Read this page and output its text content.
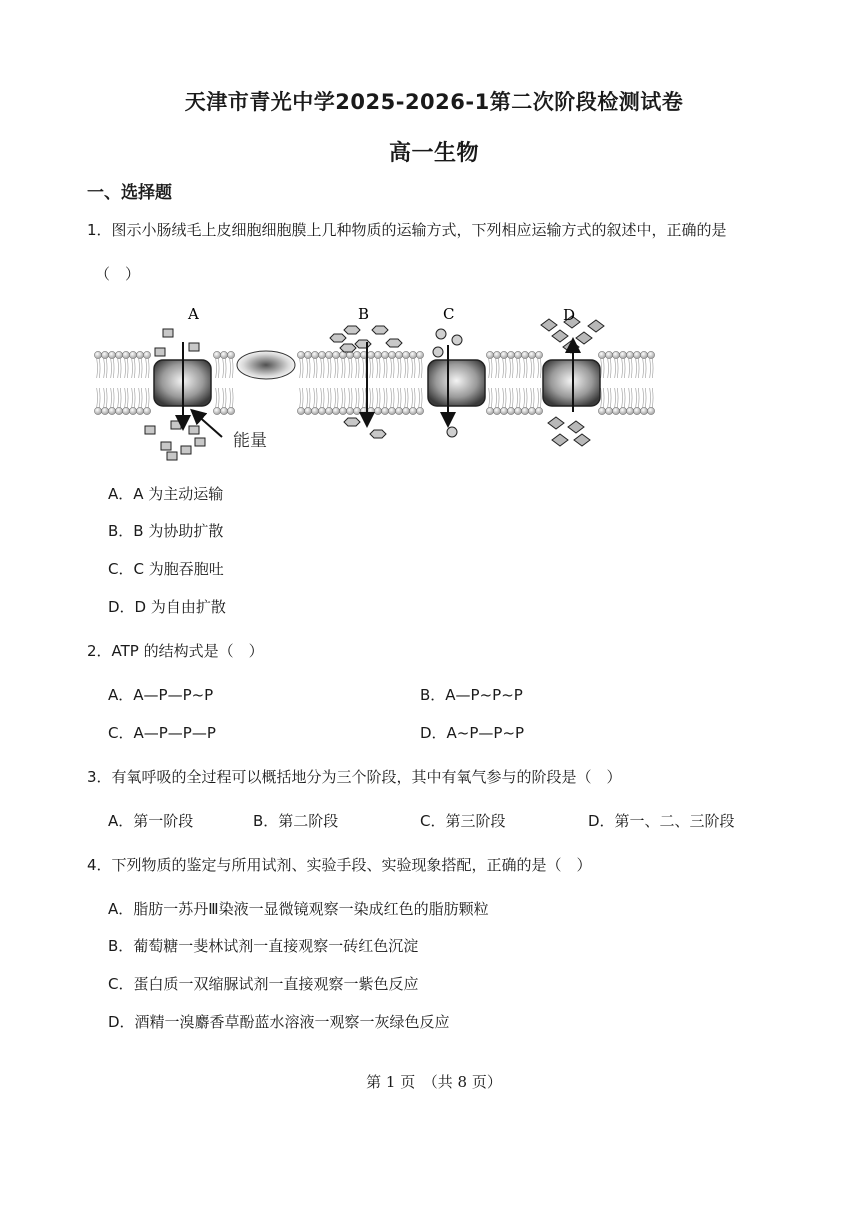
天津市青光中学2025-2026-1第二次阶段检测试卷
高一生物
一、选择题
1．图示小肠绒毛上皮细胞细胞膜上几种物质的运输方式，下列相应运输方式的叙述中，正确的是
（　）
A	B	C	D
能量
A．A 为主动运输
B．B 为协助扩散
C．C 为胞吞胞吐
D．D 为自由扩散
2．ATP 的结构式是（　）
A．A—P—P~P	B．A—P~P~P
C．A—P—P—P	D．A~P—P~P
3．有氧呼吸的全过程可以概括地分为三个阶段，其中有氧气参与的阶段是（　）
A．第一阶段	B．第二阶段	C．第三阶段	D．第一、二、三阶段
4．下列物质的鉴定与所用试剂、实验手段、实验现象搭配，正确的是（　）
A．脂肪一苏丹Ⅲ染液一显微镜观察一染成红色的脂肪颗粒
B．葡萄糖一斐林试剂一直接观察一砖红色沉淀
C．蛋白质一双缩脲试剂一直接观察一紫色反应
D．酒精一溴麝香草酚蓝水溶液一观察一灰绿色反应
第 1 页　（共 8 页）
